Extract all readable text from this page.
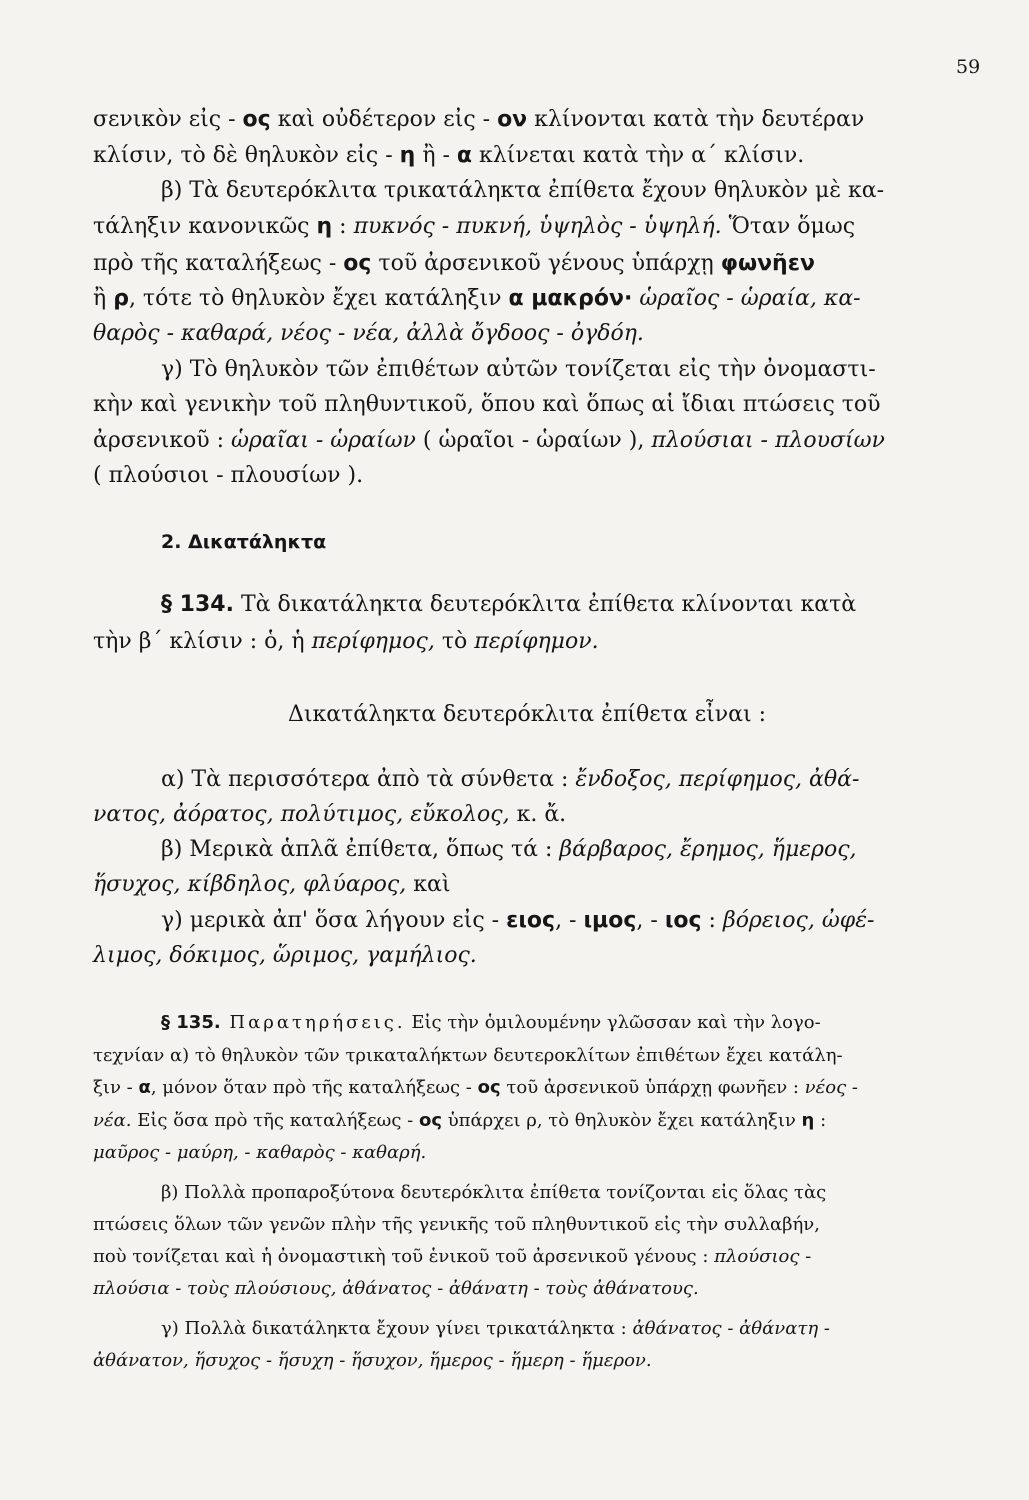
59
σενικὸν εἰς - ος καὶ οὐδέτερον εἰς - ον κλίνονται κατὰ τὴν δευτέραν
κλίσιν, τὸ δὲ θηλυκὸν εἰς - η ἢ - α κλίνεται κατὰ τὴν α΄ κλίσιν.
β) Τὰ δευτερόκλιτα τρικατάληκτα ἐπίθετα ἔχουν θηλυκὸν μὲ κα-
τάληξιν κανονικῶς η : πυκνός - πυκνή, ὑψηλὸς - ὑψηλή. Ὅταν ὅμως
πρὸ τῆς καταλήξεως - ος τοῦ ἀρσενικοῦ γένους ὑπάρχῃ φωνῆεν
ἢ ρ, τότε τὸ θηλυκὸν ἔχει κατάληξιν α μακρόν· ὡραῖος - ὡραία, κα-
θαρὸς - καθαρά, νέος - νέα, ἀλλὰ ὄγδοος - ὀγδόη.
γ) Τὸ θηλυκὸν τῶν ἐπιθέτων αὐτῶν τονίζεται εἰς τὴν ὀνομαστι-
κὴν καὶ γενικὴν τοῦ πληθυντικοῦ, ὅπου καὶ ὅπως αἱ ἴδιαι πτώσεις τοῦ
ἀρσενικοῦ : ὡραῖαι - ὡραίων ( ὡραῖοι - ὡραίων ), πλούσιαι - πλουσίων
( πλούσιοι - πλουσίων ).
2. Δικατάληκτα
§ 134. Τὰ δικατάληκτα δευτερόκλιτα ἐπίθετα κλίνονται κατὰ
τὴν β΄ κλίσιν : ὁ, ἡ περίφημος, τὸ περίφημον.
Δικατάληκτα δευτερόκλιτα ἐπίθετα εἶναι :
α) Τὰ περισσότερα ἀπὸ τὰ σύνθετα : ἔνδοξος, περίφημος, ἀθά-
νατος, ἀόρατος, πολύτιμος, εὔκολος, κ. ἄ.
β) Μερικὰ ἁπλᾶ ἐπίθετα, ὅπως τά : βάρβαρος, ἔρημος, ἥμερος,
ἥσυχος, κίβδηλος, φλύαρος, καὶ
γ) μερικὰ ἀπ' ὅσα λήγουν εἰς - ειος, - ιμος, - ιος : βόρειος, ὠφέ-
λιμος, δόκιμος, ὥριμος, γαμήλιος.
§ 135. Παρατηρήσεις. Εἰς τὴν ὁμιλουμένην γλῶσσαν καὶ τὴν λογο-
τεχνίαν α) τὸ θηλυκὸν τῶν τρικαταλήκτων δευτεροκλίτων ἐπιθέτων ἔχει κατάλη-
ξιν - α, μόνον ὅταν πρὸ τῆς καταλήξεως - ος τοῦ ἀρσενικοῦ ὑπάρχῃ φωνῆεν : νέος -
νέα. Εἰς ὅσα πρὸ τῆς καταλήξεως - ος ὑπάρχει ρ, τὸ θηλυκὸν ἔχει κατάληξιν η :
μαῦρος - μαύρη, - καθαρὸς - καθαρή.
β) Πολλὰ προπαροξύτονα δευτερόκλιτα ἐπίθετα τονίζονται εἰς ὅλας τὰς
πτώσεις ὅλων τῶν γενῶν πλὴν τῆς γενικῆς τοῦ πληθυντικοῦ εἰς τὴν συλλαβήν,
ποὺ τονίζεται καὶ ἡ ὀνομαστικὴ τοῦ ἑνικοῦ τοῦ ἀρσενικοῦ γένους : πλούσιος -
πλούσια - τοὺς πλούσιους, ἀθάνατος - ἀθάνατη - τοὺς ἀθάνατους.
γ) Πολλὰ δικατάληκτα ἔχουν γίνει τρικατάληκτα : ἀθάνατος - ἀθάνατη -
ἀθάνατον, ἥσυχος - ἥσυχη - ἥσυχον, ἥμερος - ἥμερη - ἥμερον.
